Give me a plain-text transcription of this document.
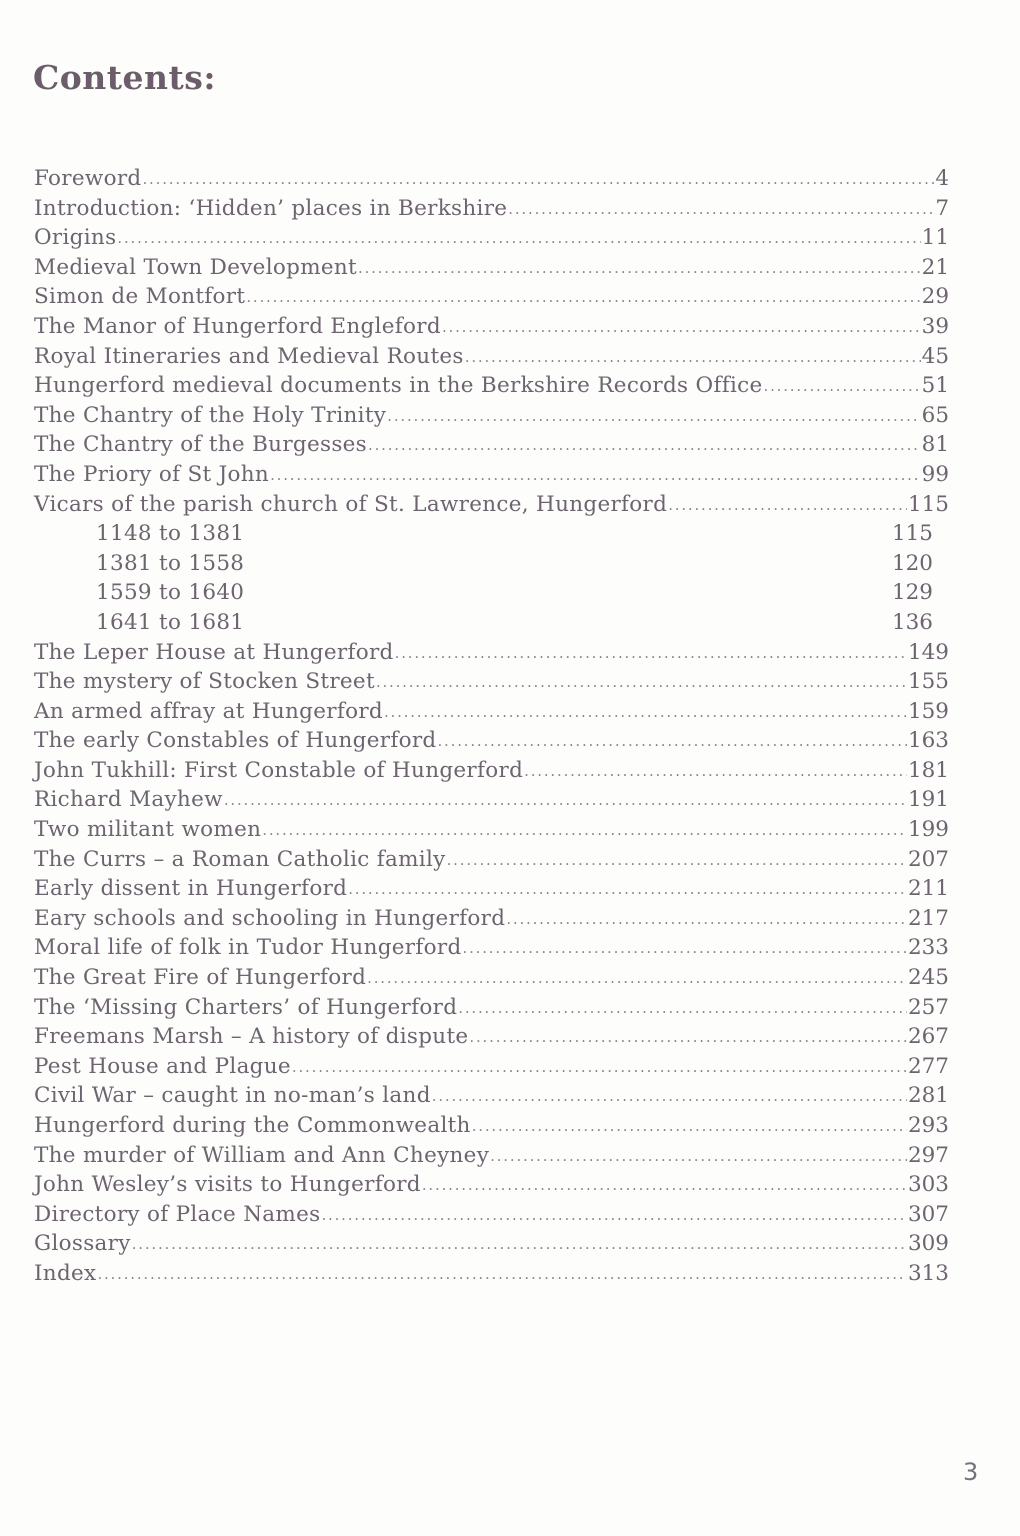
Contents:
Foreword .....	4
Introduction: ‘Hidden’ places in Berkshire .....	7
Origins .....	11
Medieval Town Development .....	21
Simon de Montfort .....	29
The Manor of Hungerford Engleford .....	39
Royal Itineraries and Medieval Routes .....	45
Hungerford medieval documents in the Berkshire Records Office .....	51
The Chantry of the Holy Trinity .....	65
The Chantry of the Burgesses .....	81
The Priory of St John .....	99
Vicars of the parish church of St. Lawrence, Hungerford .....	115
1148 to 1381	115
1381 to 1558	120
1559 to 1640	129
1641 to 1681	136
The Leper House at Hungerford .....	149
The mystery of Stocken Street .....	155
An armed affray at Hungerford .....	159
The early Constables of Hungerford .....	163
John Tukhill: First Constable of Hungerford .....	181
Richard Mayhew .....	191
Two militant women .....	199
The Currs – a Roman Catholic family .....	207
Early dissent in Hungerford .....	211
Eary schools and schooling in Hungerford .....	217
Moral life of folk in Tudor Hungerford .....	233
The Great Fire of Hungerford .....	245
The ‘Missing Charters’ of Hungerford .....	257
Freemans Marsh – A history of dispute .....	267
Pest House and Plague .....	277
Civil War – caught in no-man’s land .....	281
Hungerford during the Commonwealth .....	293
The murder of William and Ann Cheyney .....	297
John Wesley’s visits to Hungerford .....	303
Directory of Place Names .....	307
Glossary .....	309
Index .....	313
3
